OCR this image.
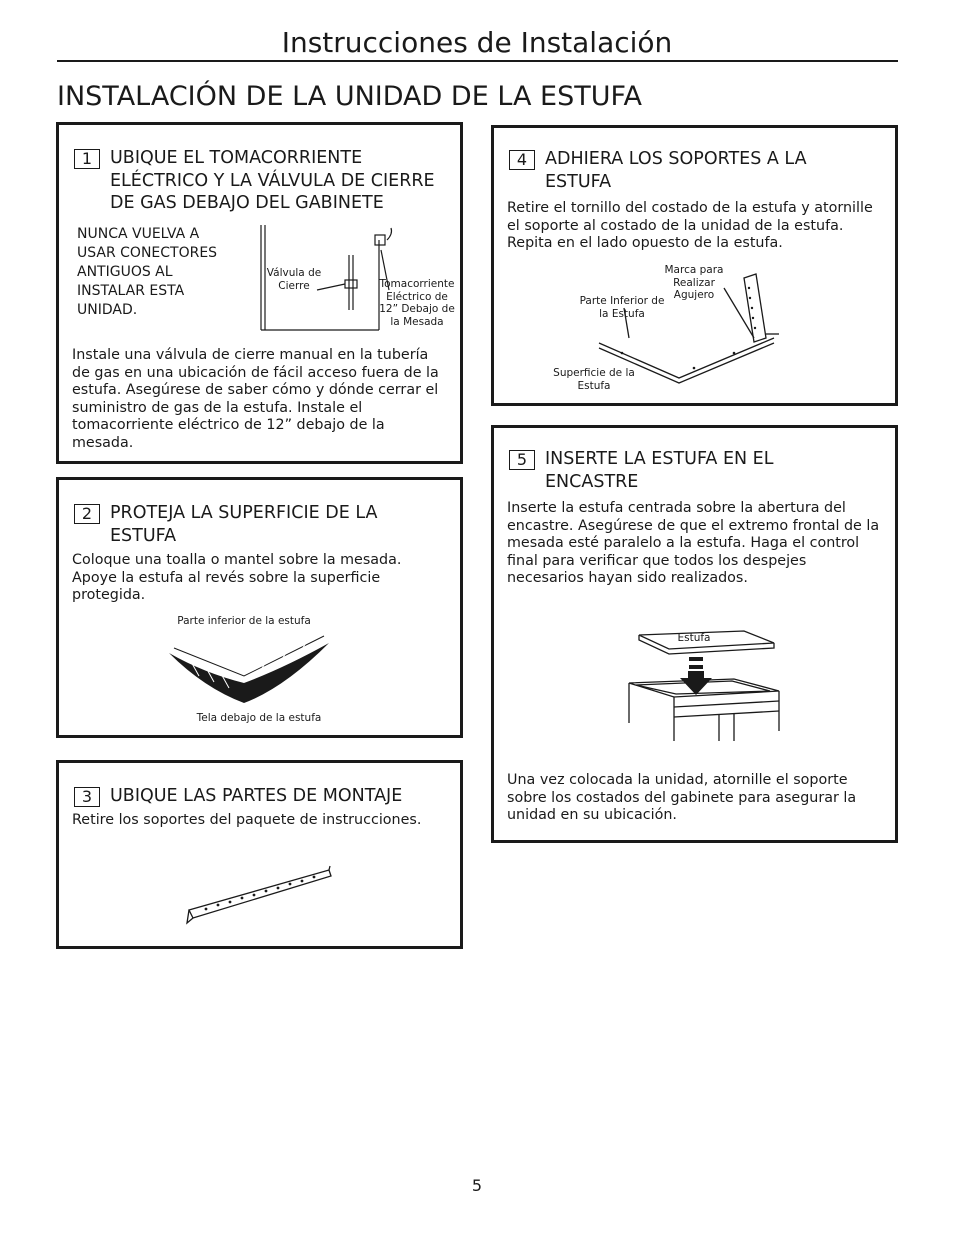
Instrucciones de Instalación
INSTALACIÓN DE LA UNIDAD DE LA ESTUFA
1	UBIQUE EL TOMACORRIENTE ELÉCTRICO Y LA VÁLVULA DE CIERRE DE GAS DEBAJO DEL GABINETE
NUNCA VUELVA A USAR CONECTORES ANTIGUOS AL INSTALAR ESTA UNIDAD.
Válvula de Cierre	Tomacorriente Eléctrico de 12” Debajo de la Mesada
Instale una válvula de cierre manual en la tubería de gas en una ubicación de fácil acceso fuera de la estufa. Asegúrese de saber cómo y dónde cerrar el suministro de gas de la estufa. Instale el tomacorriente eléctrico de 12” debajo de la mesada.
2	PROTEJA LA SUPERFICIE DE LA ESTUFA
Coloque una toalla o mantel sobre la mesada. Apoye la estufa al revés sobre la superficie protegida.
Parte inferior de la estufa
Tela debajo de la estufa
3	UBIQUE LAS PARTES DE MONTAJE
Retire los soportes del paquete de instrucciones.
4	ADHIERA LOS SOPORTES A LA ESTUFA
Retire el tornillo del costado de la estufa y atornille el soporte al costado de la unidad de la estufa. Repita en el lado opuesto de la estufa.
Marca para Realizar Agujero
Parte Inferior de la Estufa
Superficie de la Estufa
5	INSERTE LA ESTUFA EN EL ENCASTRE
Inserte la estufa centrada sobre la abertura del encastre. Asegúrese de que el extremo frontal de la mesada esté paralelo a la estufa. Haga el control final para verificar que todos los despejes necesarios hayan sido realizados.
Estufa
Una vez colocada la unidad, atornille el soporte sobre los costados del gabinete para asegurar la unidad en su ubicación.
5
